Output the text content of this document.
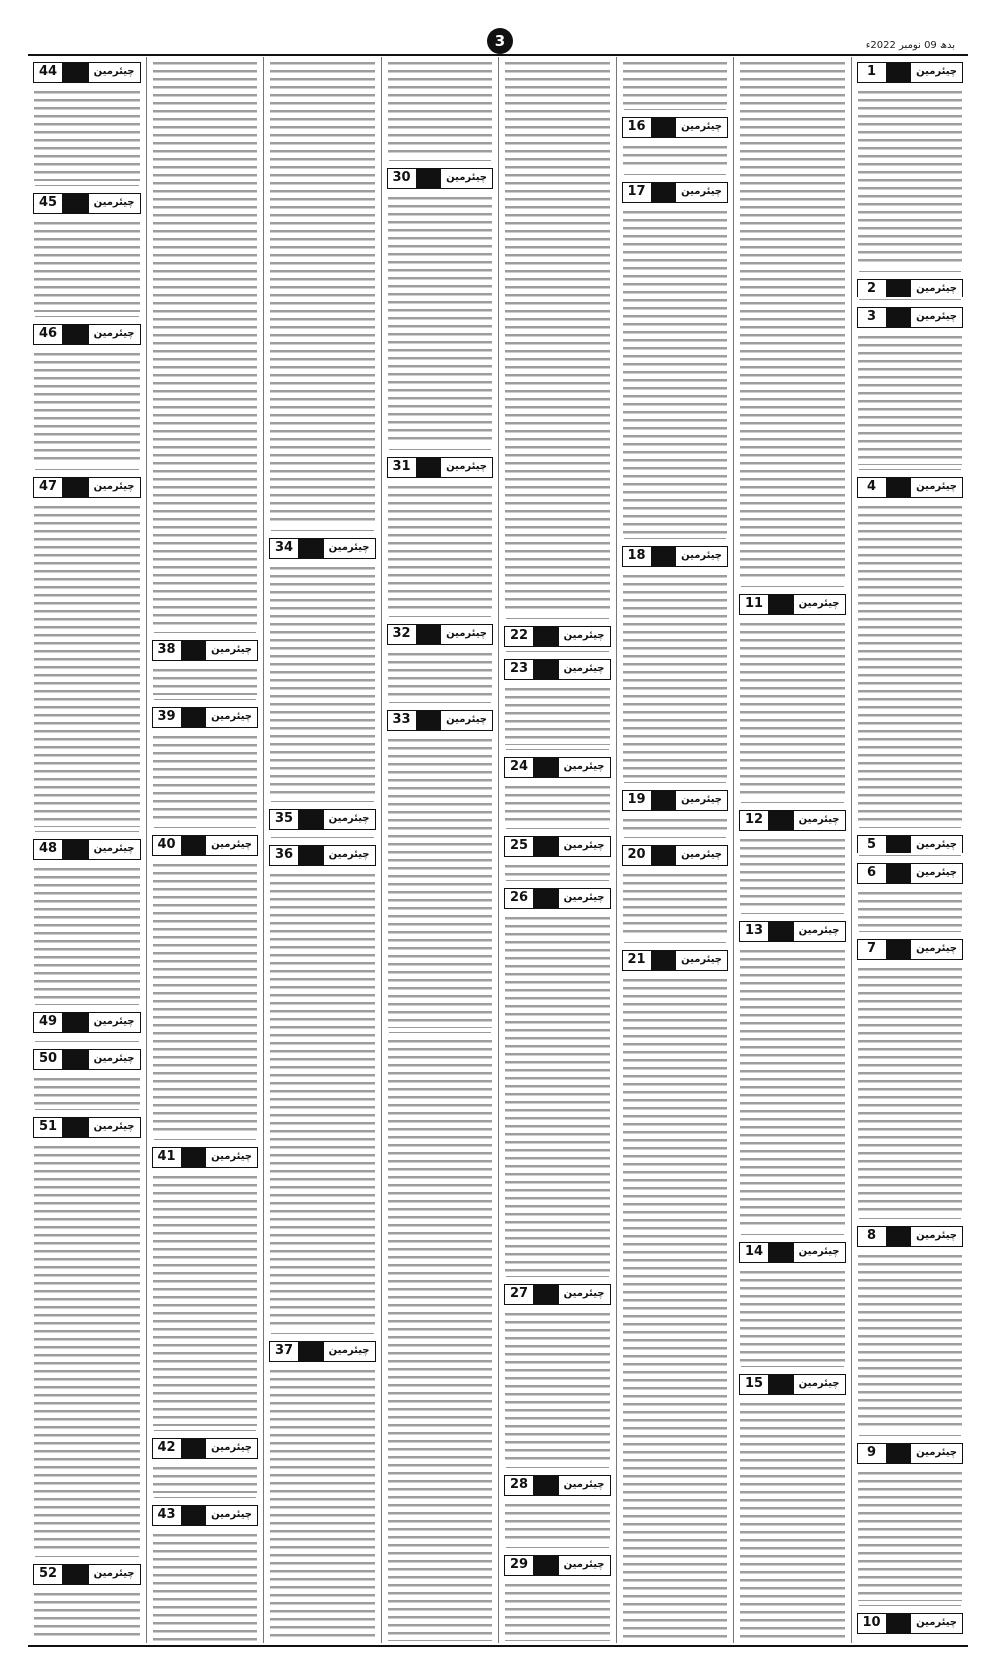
3	بدھ 09 نومبر 2022ء
چیئرمین
1
چیئرمین
2
چیئرمین
3
چیئرمین
4
چیئرمین
5
چیئرمین
6
چیئرمین
7
چیئرمین
8
چیئرمین
9
چیئرمین
10
چیئرمین
11
چیئرمین
12
چیئرمین
13
چیئرمین
14
چیئرمین
15
چیئرمین
16
چیئرمین
17
چیئرمین
18
چیئرمین
19
چیئرمین
20
چیئرمین
21
چیئرمین
22
چیئرمین
23
چیئرمین
24
چیئرمین
25
چیئرمین
26
چیئرمین
27
چیئرمین
28
چیئرمین
29
چیئرمین
30
چیئرمین
31
چیئرمین
32
چیئرمین
33
چیئرمین
34
چیئرمین
35
چیئرمین
36
چیئرمین
37
چیئرمین
38
چیئرمین
39
چیئرمین
40
چیئرمین
41
چیئرمین
42
چیئرمین
43
چیئرمین
44
چیئرمین
45
چیئرمین
46
چیئرمین
47
چیئرمین
48
چیئرمین
49
چیئرمین
50
چیئرمین
51
چیئرمین
52
